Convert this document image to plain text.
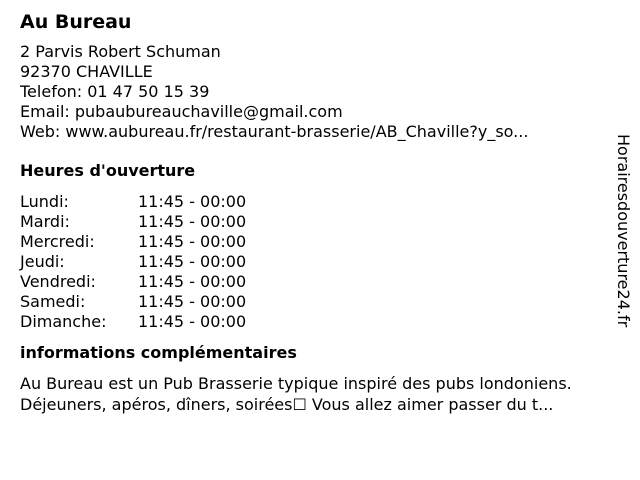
Au Bureau
2 Parvis Robert Schuman
92370 CHAVILLE
Telefon: 01 47 50 15 39
Email: pubaubureauchaville@gmail.com
Web: www.aubureau.fr/restaurant-brasserie/AB_Chaville?y_so...
Heures d'ouverture
Lundi:	11:45 - 00:00
Mardi:	11:45 - 00:00
Mercredi:	11:45 - 00:00
Jeudi:	11:45 - 00:00
Vendredi:	11:45 - 00:00
Samedi:	11:45 - 00:00
Dimanche:	11:45 - 00:00
informations complémentaires
Au Bureau est un Pub Brasserie typique inspiré des pubs londoniens.
Déjeuners, apéros, dîners, soirées☐ Vous allez aimer passer du t...
Horairesdouverture24.fr
